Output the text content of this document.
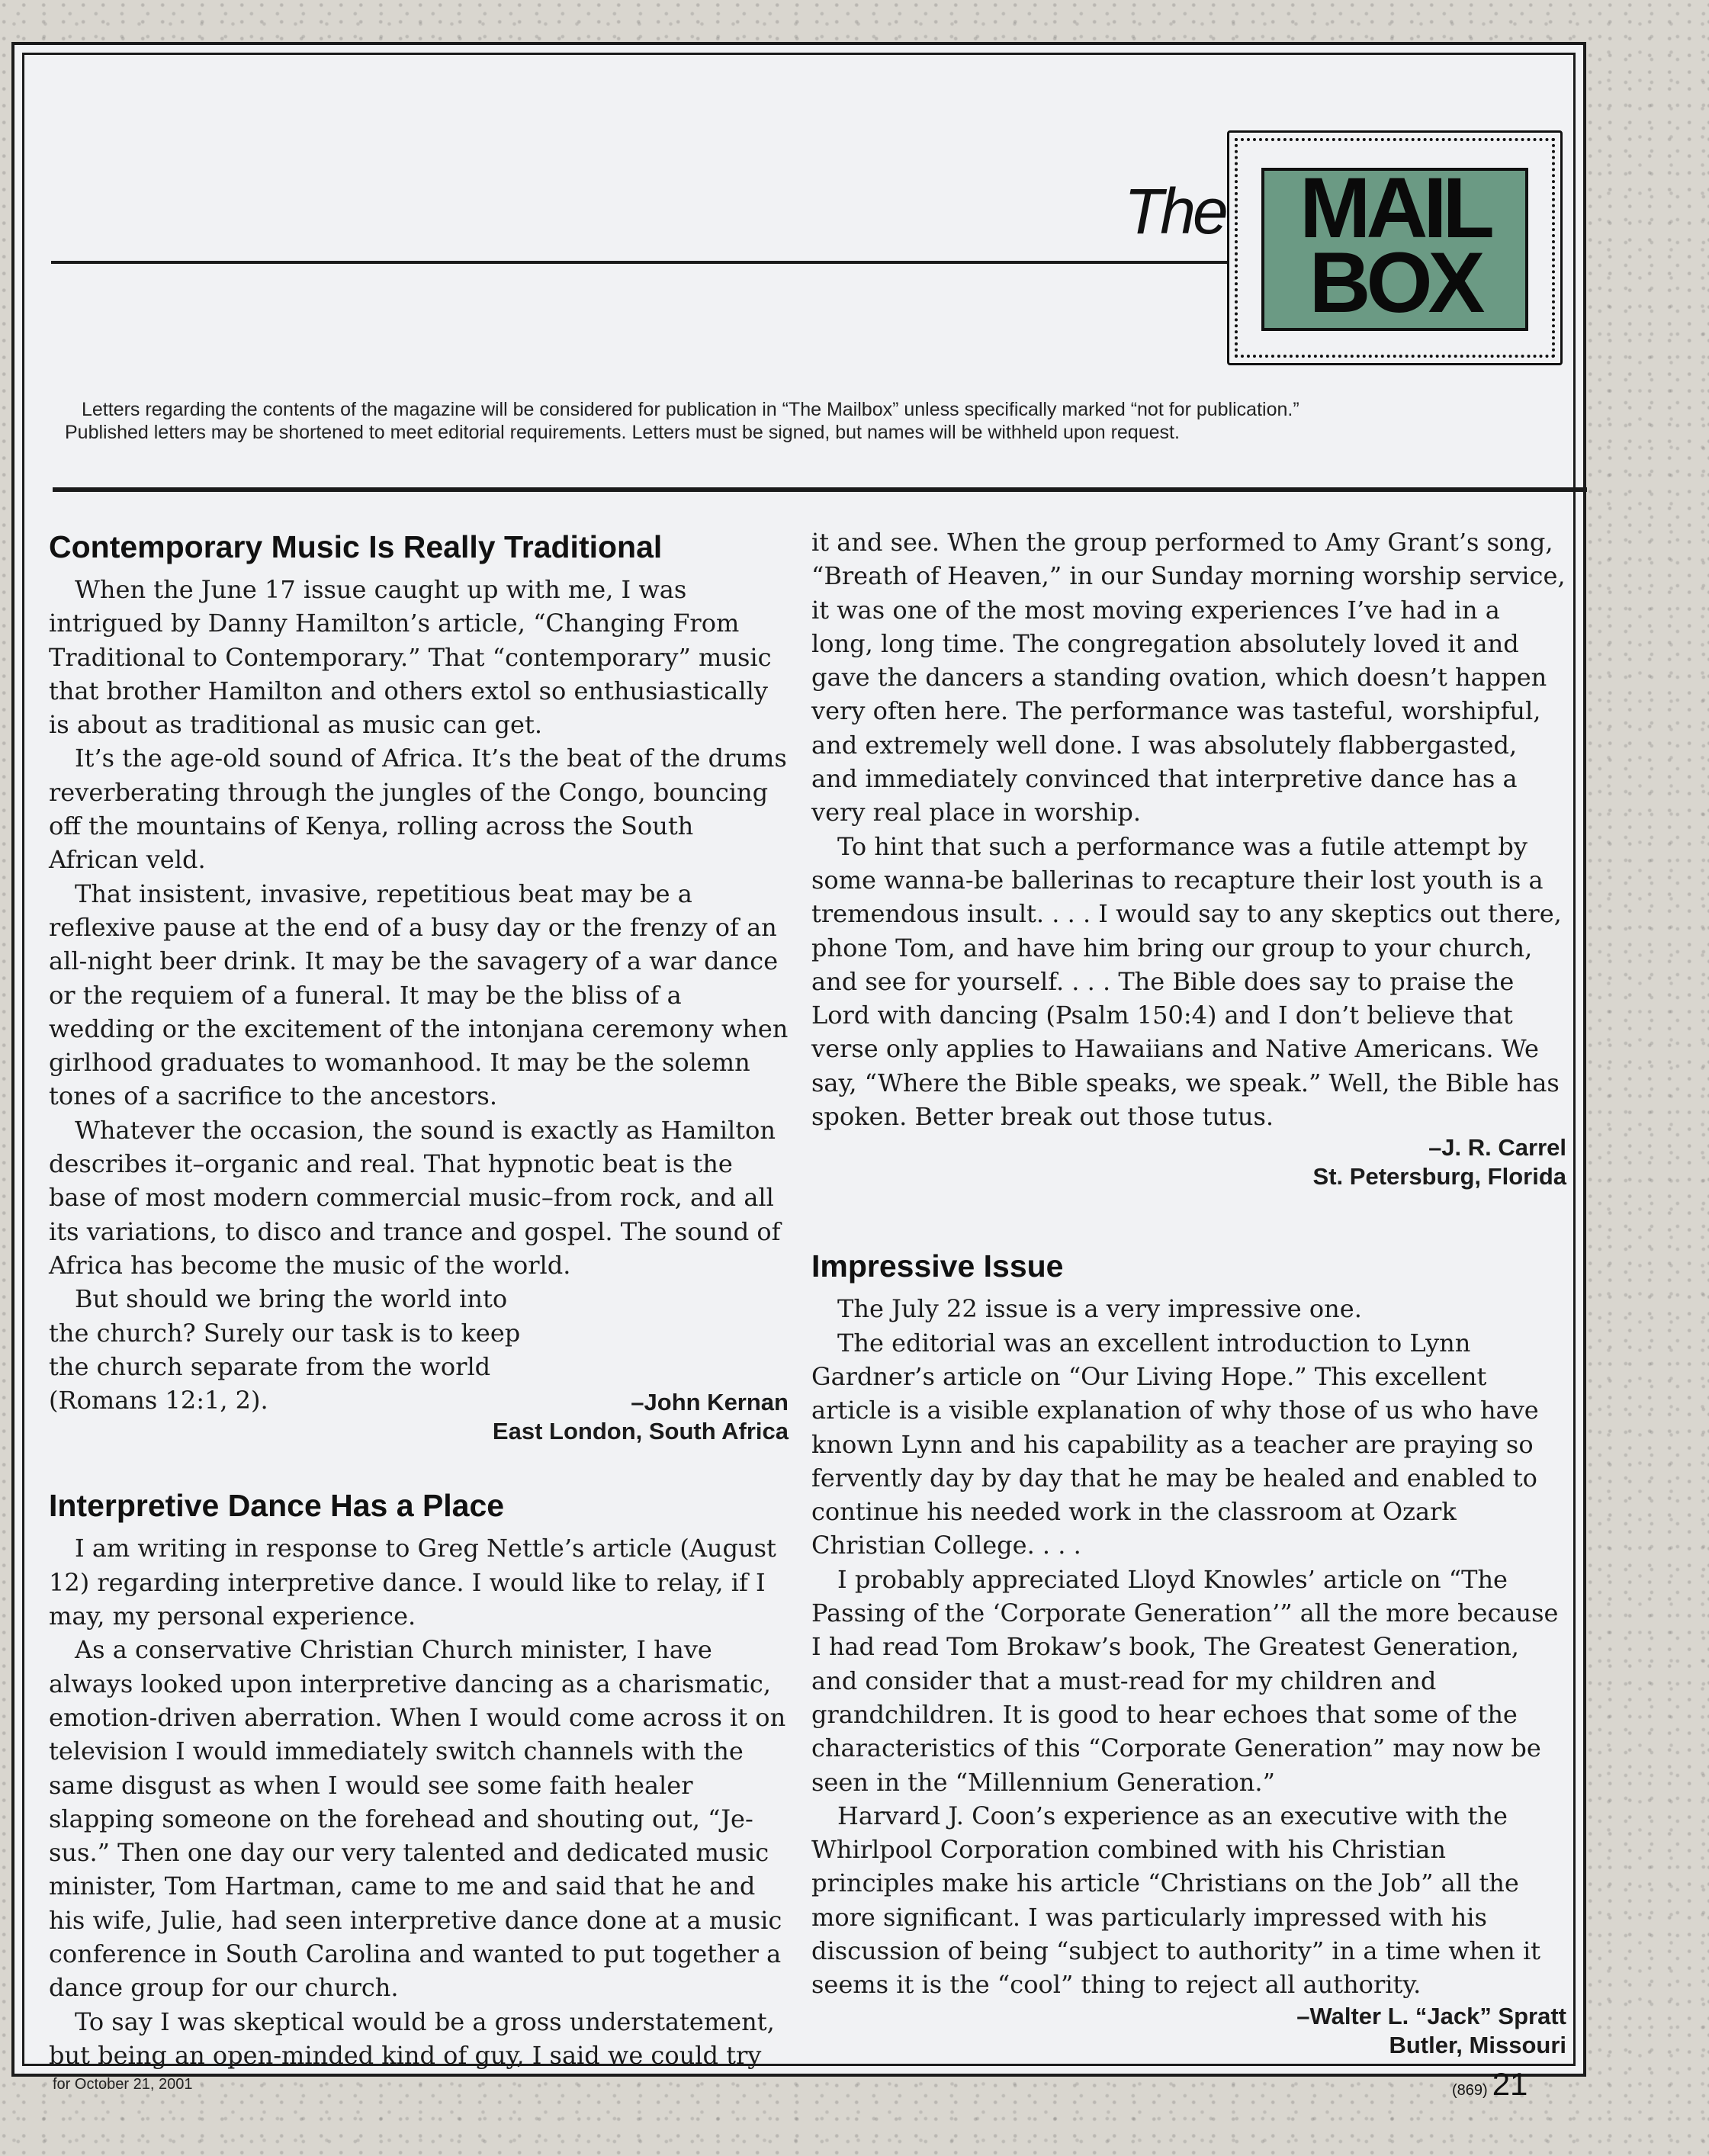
The MAIL
BOX
Letters regarding the contents of the magazine will be considered for publication in “The Mailbox” unless specifically marked “not for publication.”
Published letters may be shortened to meet editorial requirements. Letters must be signed, but names will be withheld upon request.
Contemporary Music Is Really Traditional

When the June 17 issue caught up with me, I was intrigued by Danny Hamilton’s article, “Changing From Traditional to Contemporary.” That “contemporary” music that brother Hamilton and others extol so enthusiastically is about as traditional as music can get.

It’s the age-old sound of Africa. It’s the beat of the drums reverberating through the jungles of the Congo, bouncing off the mountains of Kenya, rolling across the South African veld.

That insistent, invasive, repetitious beat may be a reflexive pause at the end of a busy day or the frenzy of an all-night beer drink. It may be the savagery of a war dance or the requiem of a funeral. It may be the bliss of a wedding or the excitement of the intonjana ceremony when girlhood graduates to womanhood. It may be the solemn tones of a sacrifice to the ancestors.

Whatever the occasion, the sound is exactly as Hamilton describes it–organic and real. That hypnotic beat is the base of most modern commercial music–from rock, and all its variations, to disco and trance and gospel. The sound of Africa has become the music of the world.

But should we bring the world into the church? Surely our task is to keep the church separate from the world (Romans 12:1, 2).	–John Kernan

East London, South Africa

Interpretive Dance Has a Place

I am writing in response to Greg Nettle’s article (August 12) regarding interpretive dance. I would like to relay, if I may, my personal experience.

As a conservative Christian Church minister, I have always looked upon interpretive dancing as a charismatic, emotion-driven aberration. When I would come across it on television I would immediately switch channels with the same disgust as when I would see some faith healer slapping someone on the forehead and shouting out, “Je-sus.” Then one day our very talented and dedicated music minister, Tom Hartman, came to me and said that he and his wife, Julie, had seen interpretive dance done at a music conference in South Carolina and wanted to put together a dance group for our church.

To say I was skeptical would be a gross understatement, but being an open-minded kind of guy, I said we could try

it and see. When the group performed to Amy Grant’s song, “Breath of Heaven,” in our Sunday morning worship service, it was one of the most moving experiences I’ve had in a long, long time. The congregation absolutely loved it and gave the dancers a standing ovation, which doesn’t happen very often here. The performance was tasteful, worshipful, and extremely well done. I was absolutely flabbergasted, and immediately convinced that interpretive dance has a very real place in worship.

To hint that such a performance was a futile attempt by some wanna-be ballerinas to recapture their lost youth is a tremendous insult. . . . I would say to any skeptics out there, phone Tom, and have him bring our group to your church, and see for yourself. . . . The Bible does say to praise the Lord with dancing (Psalm 150:4) and I don’t believe that verse only applies to Hawaiians and Native Americans. We say, “Where the Bible speaks, we speak.” Well, the Bible has spoken. Better break out those tutus.

–J. R. Carrel

St. Petersburg, Florida

Impressive Issue

The July 22 issue is a very impressive one.

The editorial was an excellent introduction to Lynn Gardner’s article on “Our Living Hope.” This excellent article is a visible explanation of why those of us who have known Lynn and his capability as a teacher are praying so fervently day by day that he may be healed and enabled to continue his needed work in the classroom at Ozark Christian College. . . .

I probably appreciated Lloyd Knowles’ article on “The Passing of the ‘Corporate Generation’” all the more because I had read Tom Brokaw’s book, The Greatest Generation, and consider that a must-read for my children and grandchildren. It is good to hear echoes that some of the characteristics of this “Corporate Generation” may now be seen in the “Millennium Generation.”

Harvard J. Coon’s experience as an executive with the Whirlpool Corporation combined with his Christian principles make his article “Christians on the Job” all the more significant. I was particularly impressed with his discussion of being “subject to authority” in a time when it seems it is the “cool” thing to reject all authority.

–Walter L. “Jack” Spratt

Butler, Missouri

for October 21, 2001	(869) 21
